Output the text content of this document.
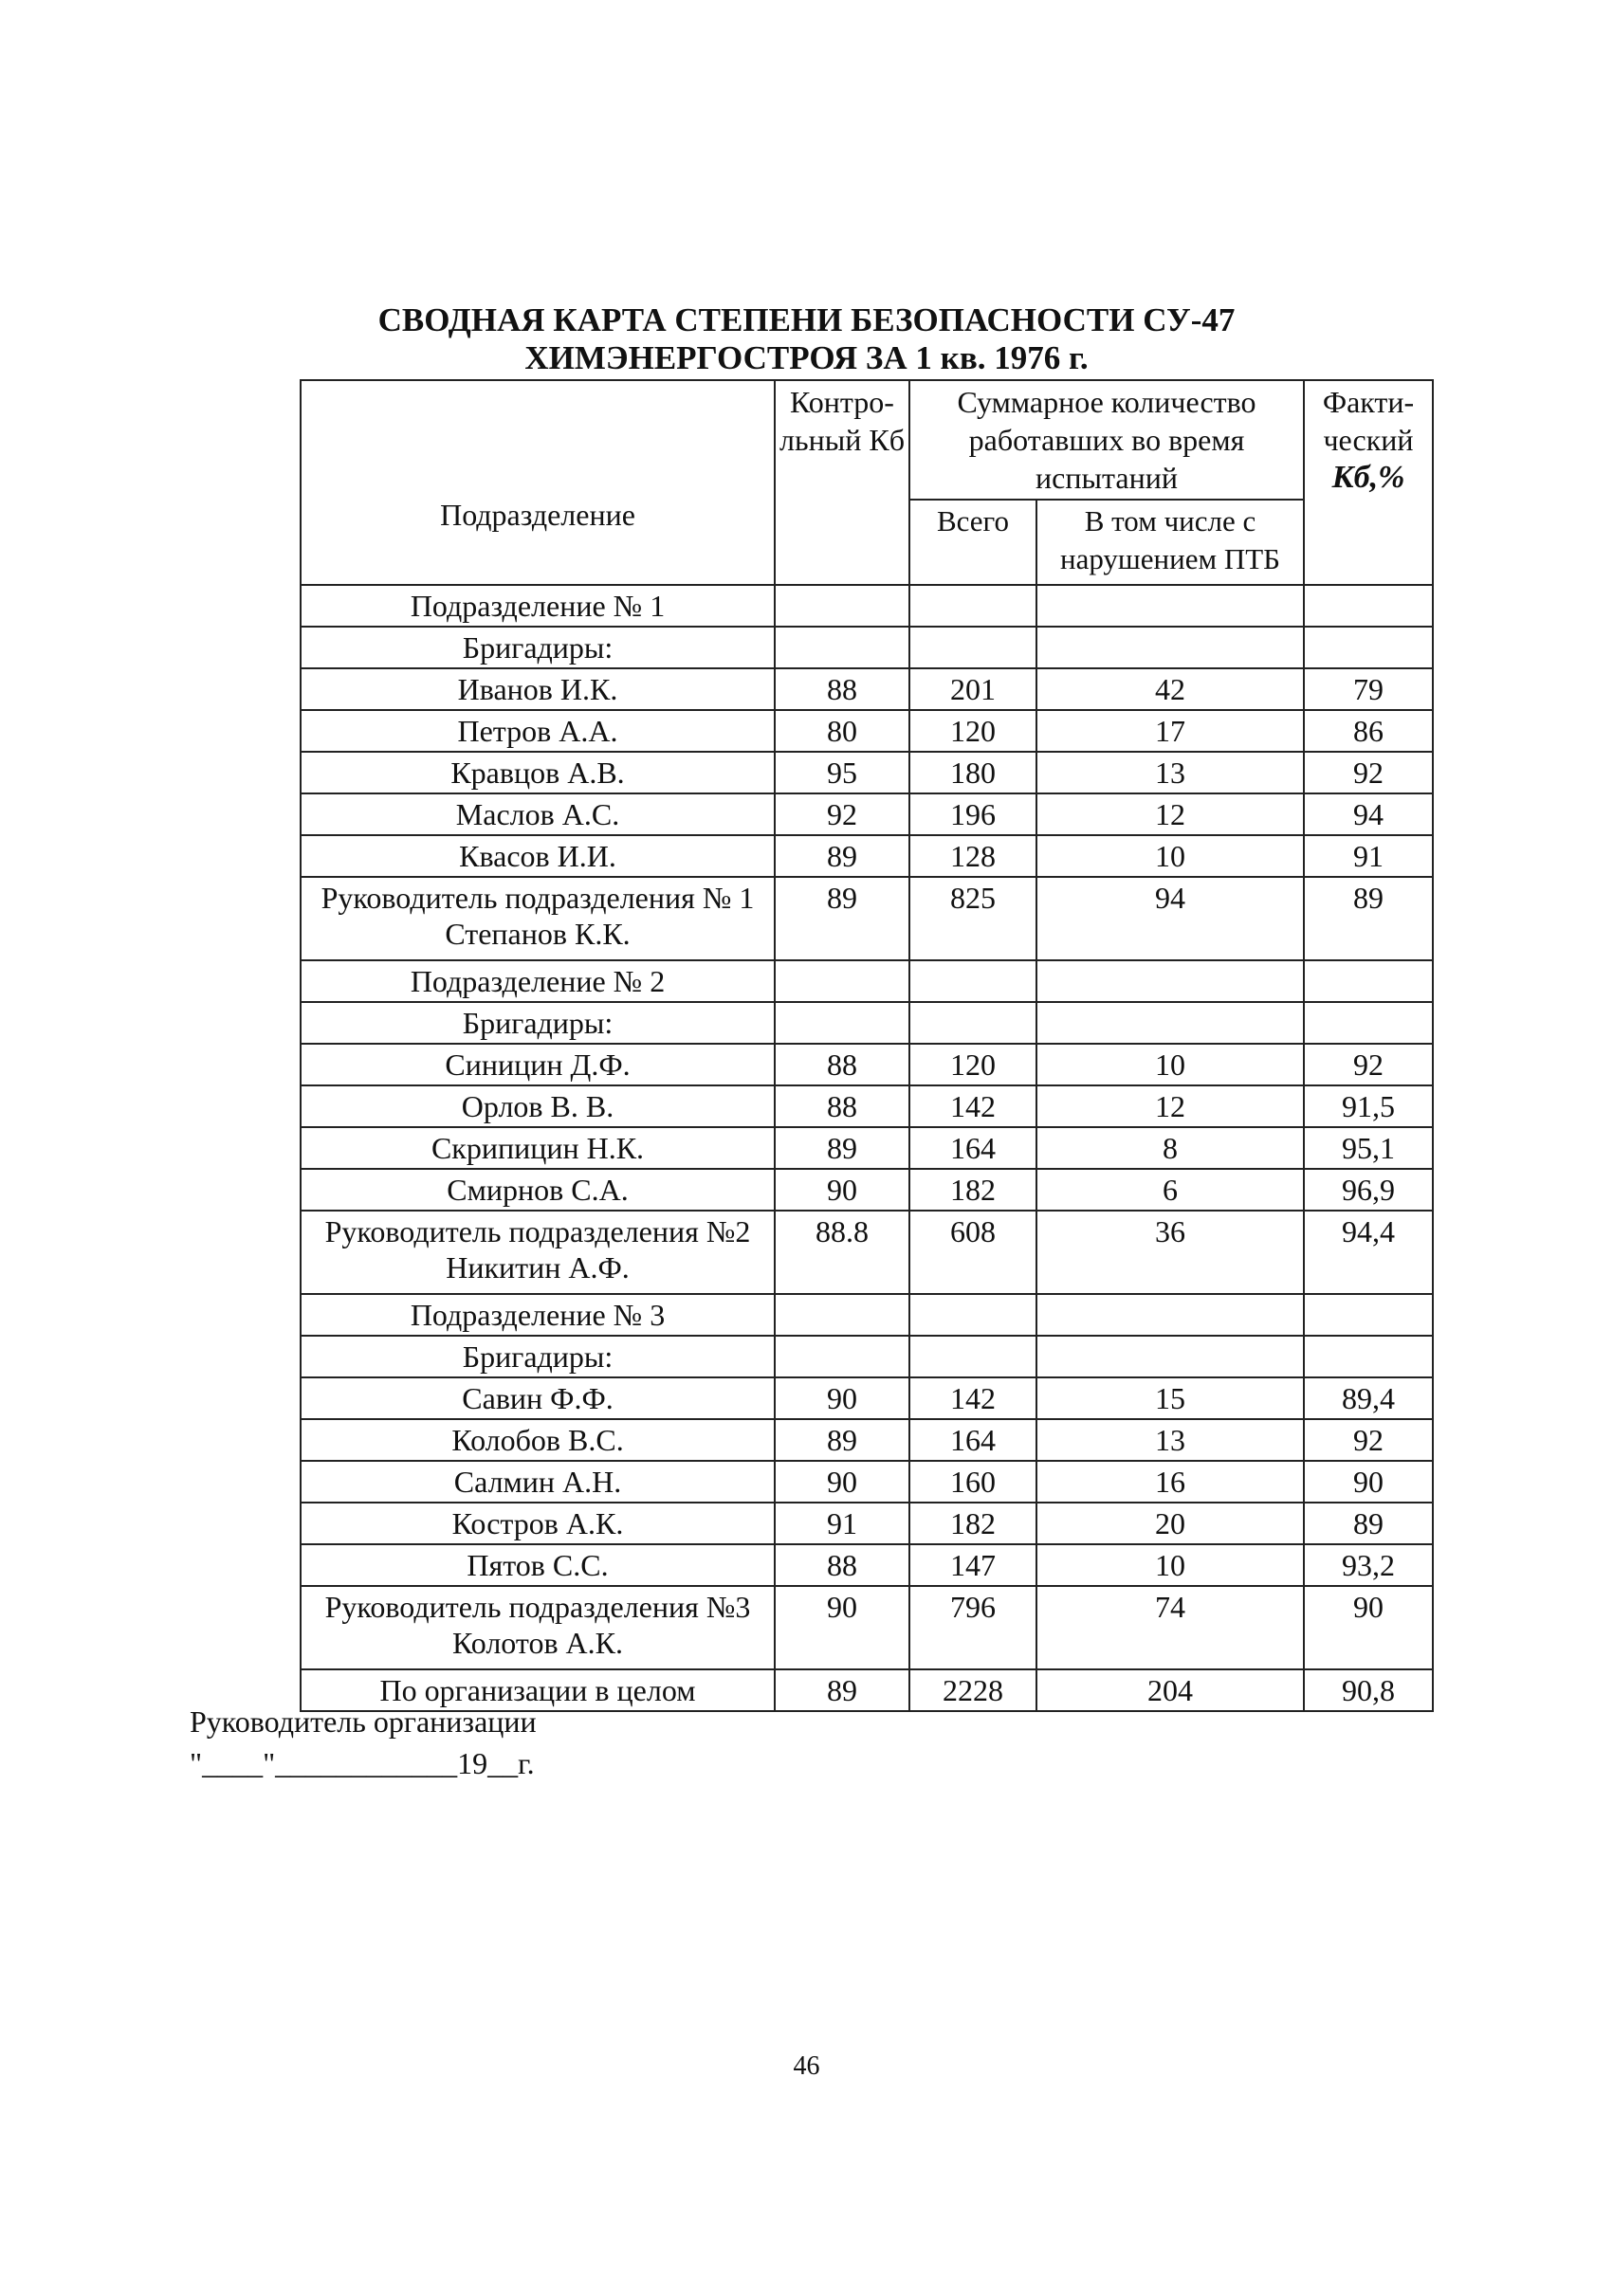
СВОДНАЯ КАРТА СТЕПЕНИ БЕЗОПАСНОСТИ СУ-47
ХИМЭНЕРГОСТРОЯ ЗА 1 кв. 1976 г.
Подразделение	Контро-льный Кб	Суммарное количество работавших во время испытаний		Факти-ческий
Кб,%

		Всего	В том числе с нарушением ПТБ	

Подразделение № 1				

Бригадиры:				

Иванов И.К.	88	201	42	79

Петров А.А.	80	120	17	86

Кравцов А.В.	95	180	13	92

Маслов А.С.	92	196	12	94

Квасов И.И.	89	128	10	91

Руководитель подразделения № 1
Степанов К.К.	89	825	94	89

Подразделение № 2				

Бригадиры:				

Синицин Д.Ф.	88	120	10	92

Орлов В. В.	88	142	12	91,5

Скрипицин Н.К.	89	164	8	95,1

Смирнов С.А.	90	182	6	96,9

Руководитель подразделения №2
Никитин А.Ф.	88.8	608	36	94,4

Подразделение № 3				

Бригадиры:				

Савин Ф.Ф.	90	142	15	89,4

Колобов В.С.	89	164	13	92

Салмин А.Н.	90	160	16	90

Костров А.К.	91	182	20	89

Пятов С.С.	88	147	10	93,2

Руководитель подразделения №3
Колотов А.К.	90	796	74	90

По организации в целом	89	2228	204	90,8
Руководитель организации
"____"____________19__г.
46
